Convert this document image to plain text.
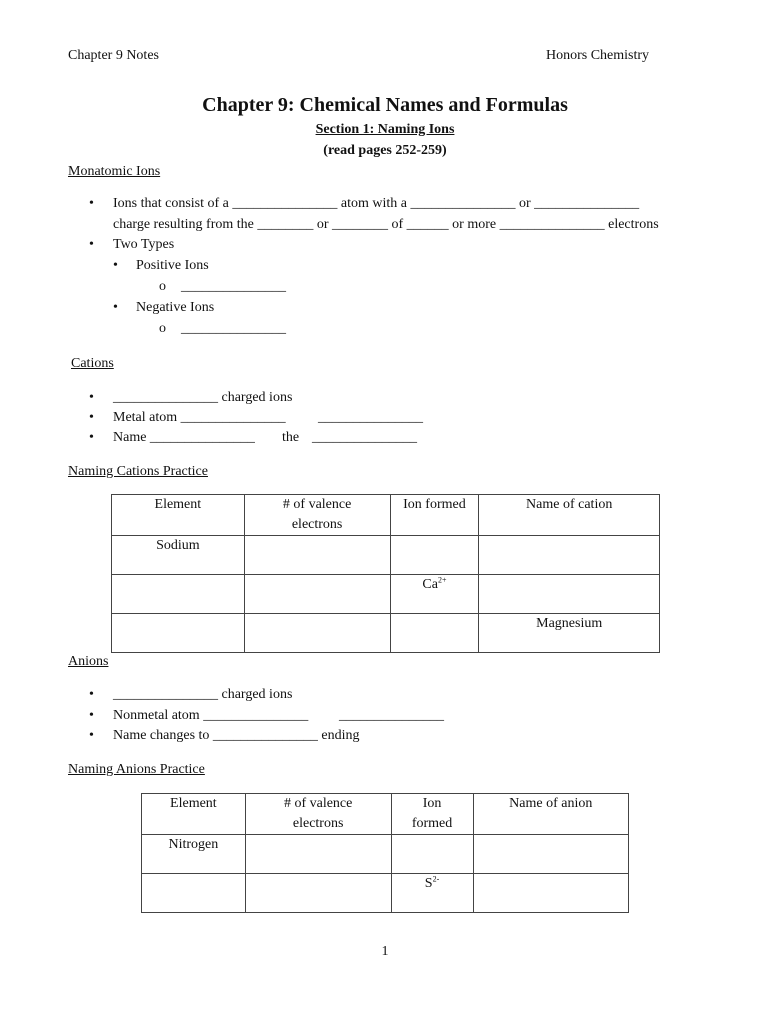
Chapter 9 Notes	Honors Chemistry
Chapter 9: Chemical Names and Formulas
Section 1: Naming Ions
(read pages 252-259)
Monatomic Ions
• Ions that consist of a _______________ atom with a _______________ or _______________
charge resulting from the ________ or ________ of ______ or more _______________ electrons
• Two Types
• Positive Ions
o _______________
• Negative Ions
o _______________
Cations
• _______________ charged ions
• Metal atom _______________ _______________
• Name _______________ the _______________
Naming Cations Practice
Element	# of valence electrons	Ion formed	Name of cation
Sodium			
		$Ca^{2+}$	
			Magnesium
Anions
• _______________ charged ions
• Nonmetal atom _______________ _______________
• Name changes to _______________ ending
Naming Anions Practice
Element	# of valence electrons	Ion formed	Name of anion
Nitrogen			
		$S^{2-}$	
1
